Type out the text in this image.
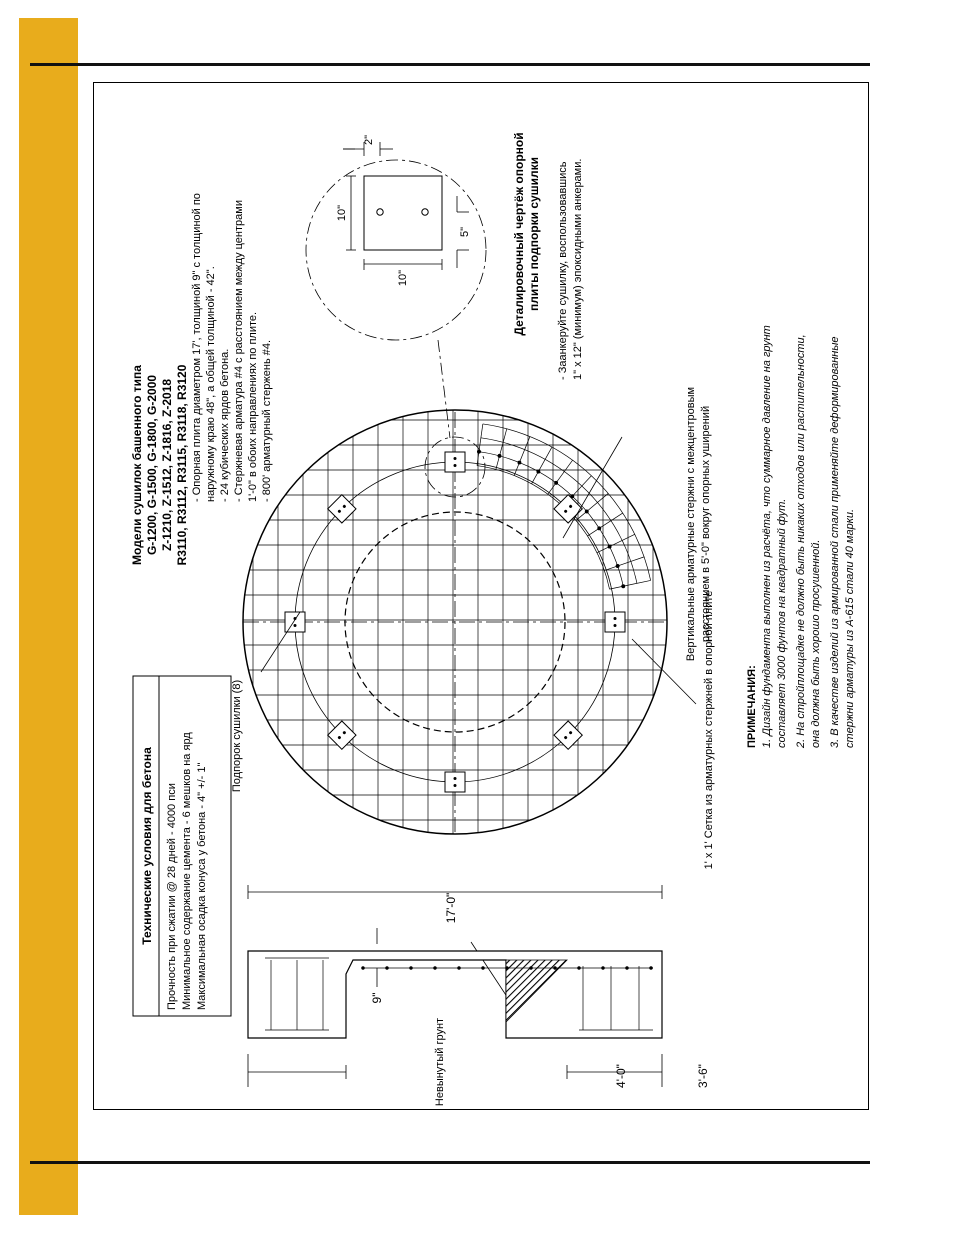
2"
10"
10"
5"
17'-0"
9"
3'-6"
4'-0"
Технические условия для бетона Прочность при сжатии @ 28 дней - 4000 пси Минимальное содержание цемента - 6 мешков на ярд Максимальная осадка конуса у бетона - 4" +/- 1"
Модели сушилок башенного типа G-1200, G-1500, G-1800, G-2000 Z-1210, Z-1512, Z-1816, Z-2018 R3110, R3112, R3115, R3118, R3120 - Опорная плита диаметром 17', толщиной 9" с толщиной по наружному краю 48", а общей толщиной - 42". - 24 кубических ярдов бетона. - Стержневая арматура #4 с расстоянием между центрами 1'-0" в обоих направлениях по плите. - 800' арматурный стержень #4.
Деталировочный чертёж опорной плиты подпорки сушилки - Заанкеруйте сушилку, воспользовавшись 1" x 12" (минимум) эпоксидными анкерами.
Вертикальные арматурные стержни с межцентровым расстоянием в 5'-0" вокруг опорных уширений
1' x 1' Сетка из арматурных стержней в опорной плите
Подпорок сушилки (8)
Невынутый грунт
ПРИМЕЧАНИЯ: 1. Дизайн фундамента выполнен из расчёта, что суммарное давление на грунт составляет 3000 фунтов на квадратный фут. 2. На стройплощадке не должно быть никаких отходов или растительности, она должна быть хорошо просушенной. 3. В качестве изделий из армированной стали применяйте деформированные стержни арматуры из A-615 стали 40 марки.
